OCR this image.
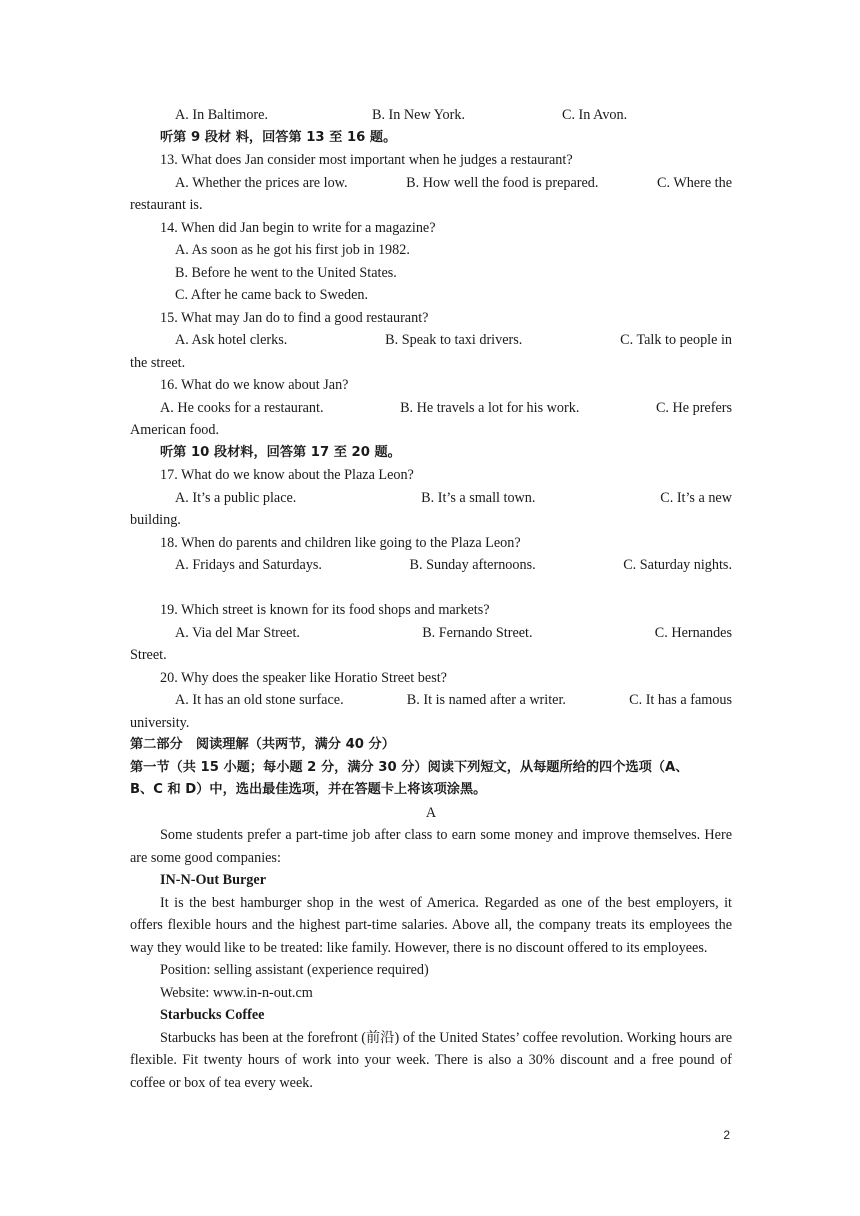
A. In Baltimore.	B. In New York.	C. In Avon.
听第 9 段材 料，回答第 13 至 16 题。
13. What does Jan consider most important when he judges a restaurant?
A. Whether the prices are low.	B. How well the food is prepared.	C. Where the
restaurant is.
14. When did Jan begin to write for a magazine?
A. As soon as he got his first job in 1982.
B. Before he went to the United States.
C. After he came back to Sweden.
15. What may Jan do to find a good restaurant?
A. Ask hotel clerks.	B. Speak to taxi drivers.	C. Talk to people in
the street.
16. What do we know about Jan?
A. He cooks for a restaurant.	B. He travels a lot for his work.	C. He prefers
American food.
听第 10 段材料，回答第 17 至 20 题。
17. What do we know about the Plaza Leon?
A. It’s a public place.	B. It’s a small town.	C. It’s a new
building.
18. When do parents and children like going to the Plaza Leon?
A. Fridays and Saturdays.	B. Sunday afternoons.	C. Saturday nights.
19. Which street is known for its food shops and markets?
A. Via del Mar Street.	B. Fernando Street.	C. Hernandes
Street.
20. Why does the speaker like Horatio Street best?
A. It has an old stone surface.	B. It is named after a writer.	C. It has a famous
university.
第二部分　阅读理解（共两节，满分 40 分）
第一节（共 15 小题；每小题 2 分，满分 30 分）阅读下列短文，从每题所给的四个选项（A、
B、C 和 D）中，选出最佳选项，并在答题卡上将该项涂黑。
A
Some students prefer a part-time job after class to earn some money and improve themselves. Here are some good companies:
IN-N-Out Burger
It is the best hamburger shop in the west of America. Regarded as one of the best employers, it offers flexible hours and the highest part-time salaries. Above all, the company treats its employees the way they would like to be treated: like family. However, there is no discount offered to its employees.
Position: selling assistant (experience required)
Website: www.in-n-out.cm
Starbucks Coffee
Starbucks has been at the forefront (前沿) of the United States’ coffee revolution. Working hours are flexible. Fit twenty hours of work into your week. There is also a 30% discount and a free pound of coffee or box of tea every week.
2
